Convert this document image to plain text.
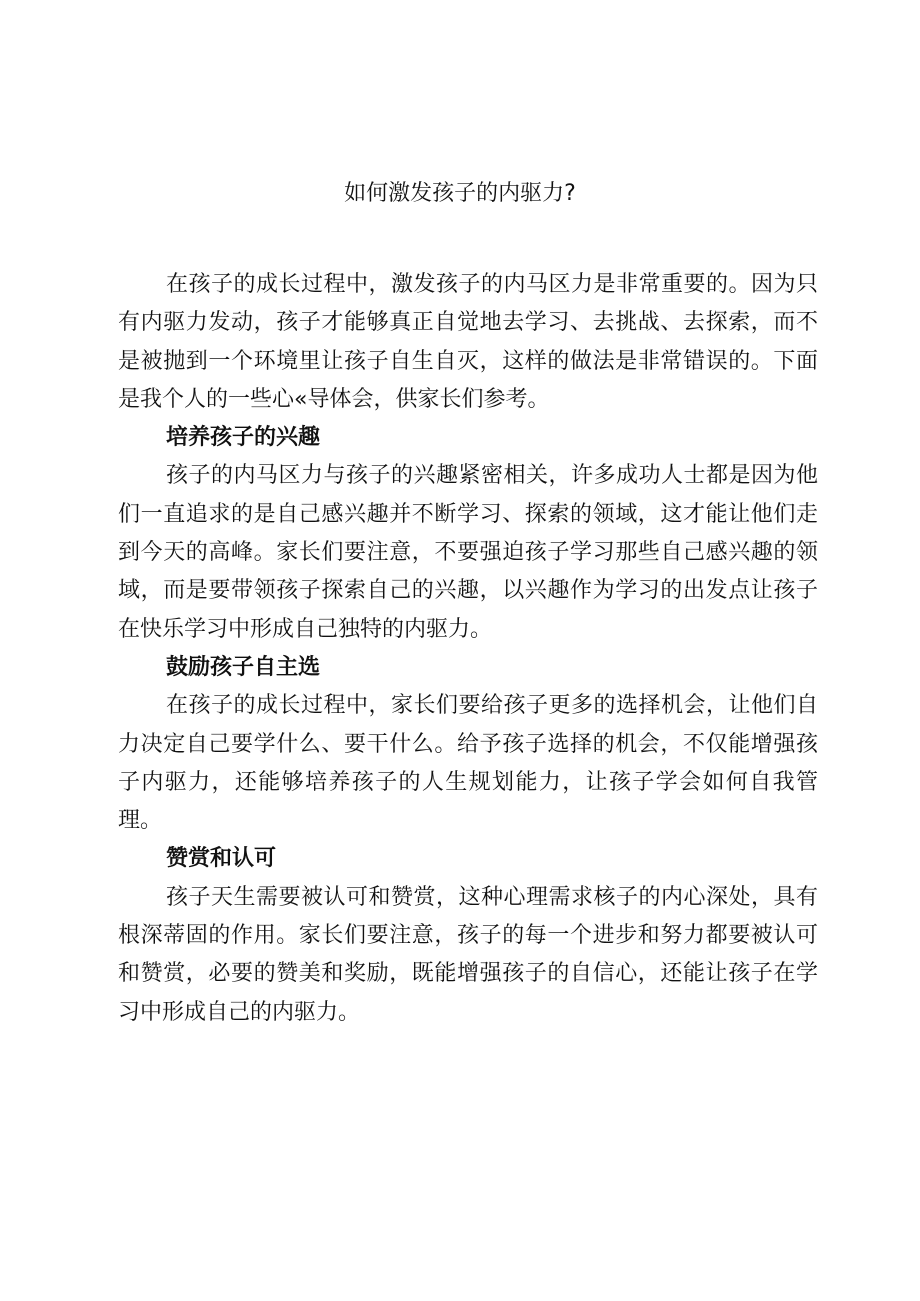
如何激发孩子的内驱力?

在孩子的成长过程中，激发孩子的内马区力是非常重要的。因为只有内驱力发动，孩子才能够真正自觉地去学习、去挑战、去探索，而不是被抛到一个环境里让孩子自生自灭，这样的做法是非常错误的。下面是我个人的一些心«导体会，供家长们参考。

培养孩子的兴趣

孩子的内马区力与孩子的兴趣紧密相关，许多成功人士都是因为他们一直追求的是自己感兴趣并不断学习、探索的领域，这才能让他们走到今天的高峰。家长们要注意，不要强迫孩子学习那些自己感兴趣的领域，而是要带领孩子探索自己的兴趣，以兴趣作为学习的出发点让孩子在快乐学习中形成自己独特的内驱力。

鼓励孩子自主选

在孩子的成长过程中，家长们要给孩子更多的选择机会，让他们自力决定自己要学什么、要干什么。给予孩子选择的机会，不仅能增强孩子内驱力，还能够培养孩子的人生规划能力，让孩子学会如何自我管理。

赞赏和认可

孩子天生需要被认可和赞赏，这种心理需求核子的内心深处，具有根深蒂固的作用。家长们要注意，孩子的每一个进步和努力都要被认可和赞赏，必要的赞美和奖励，既能增强孩子的自信心，还能让孩子在学习中形成自己的内驱力。
